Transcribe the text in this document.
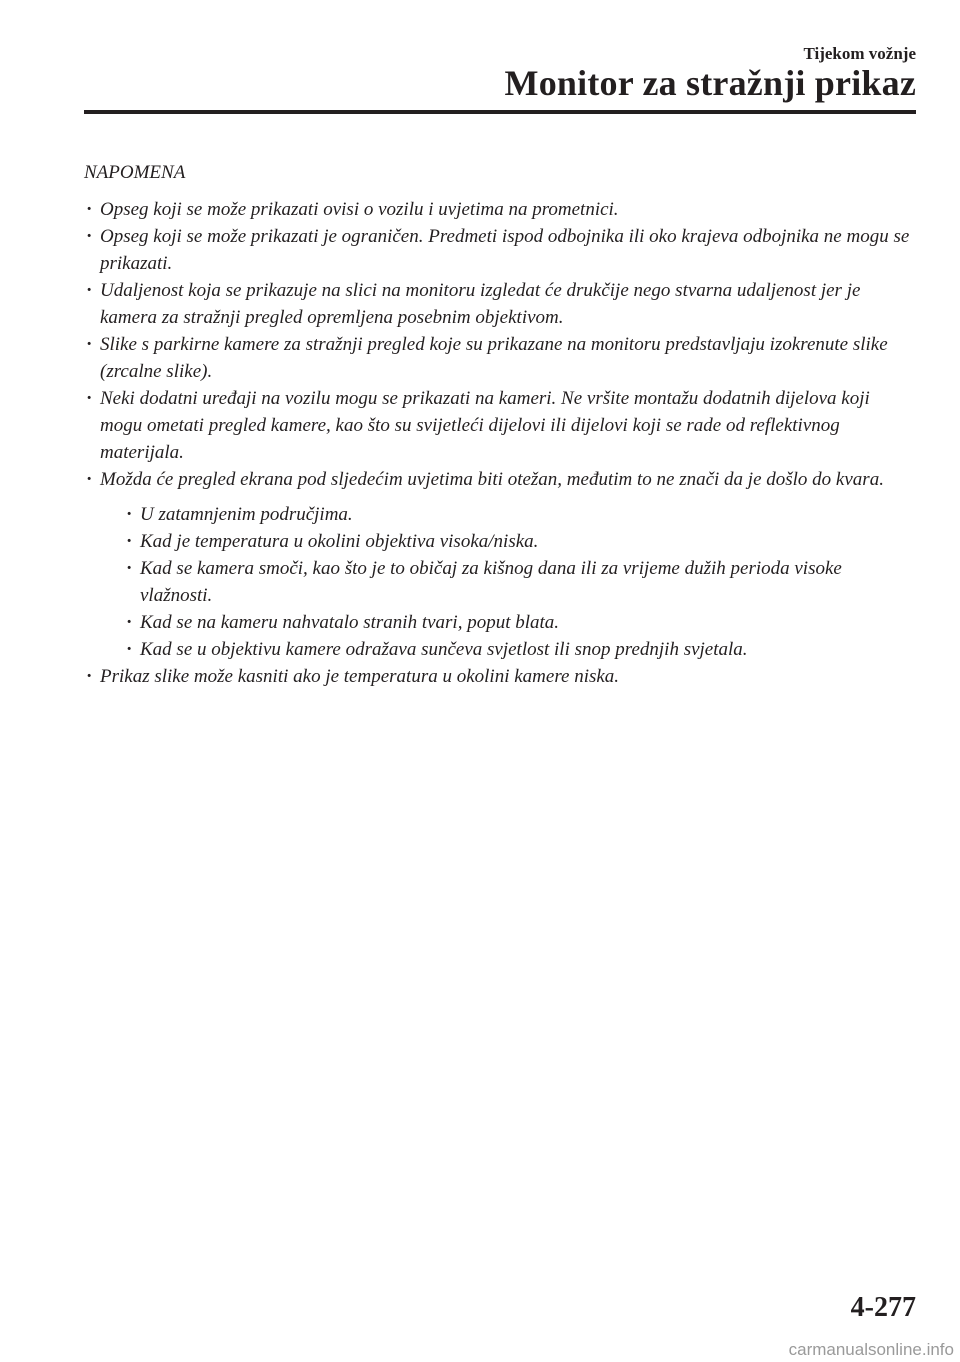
Tijekom vožnje
Monitor za stražnji prikaz
NAPOMENA
· Opseg koji se može prikazati ovisi o vozilu i uvjetima na prometnici.
· Opseg koji se može prikazati je ograničen. Predmeti ispod odbojnika ili oko krajeva odbojnika ne mogu se prikazati.
· Udaljenost koja se prikazuje na slici na monitoru izgledat će drukčije nego stvarna udaljenost jer je kamera za stražnji pregled opremljena posebnim objektivom.
· Slike s parkirne kamere za stražnji pregled koje su prikazane na monitoru predstavljaju izokrenute slike (zrcalne slike).
· Neki dodatni uređaji na vozilu mogu se prikazati na kameri. Ne vršite montažu dodatnih dijelova koji mogu ometati pregled kamere, kao što su svijetleći dijelovi ili dijelovi koji se rade od reflektivnog materijala.
· Možda će pregled ekrana pod sljedećim uvjetima biti otežan, međutim to ne znači da je došlo do kvara.
· U zatamnjenim područjima.
· Kad je temperatura u okolini objektiva visoka/niska.
· Kad se kamera smoči, kao što je to običaj za kišnog dana ili za vrijeme dužih perioda visoke vlažnosti.
· Kad se na kameru nahvatalo stranih tvari, poput blata.
· Kad se u objektivu kamere odražava sunčeva svjetlost ili snop prednjih svjetala.
· Prikaz slike može kasniti ako je temperatura u okolini kamere niska.
4-277
carmanualsonline.info
